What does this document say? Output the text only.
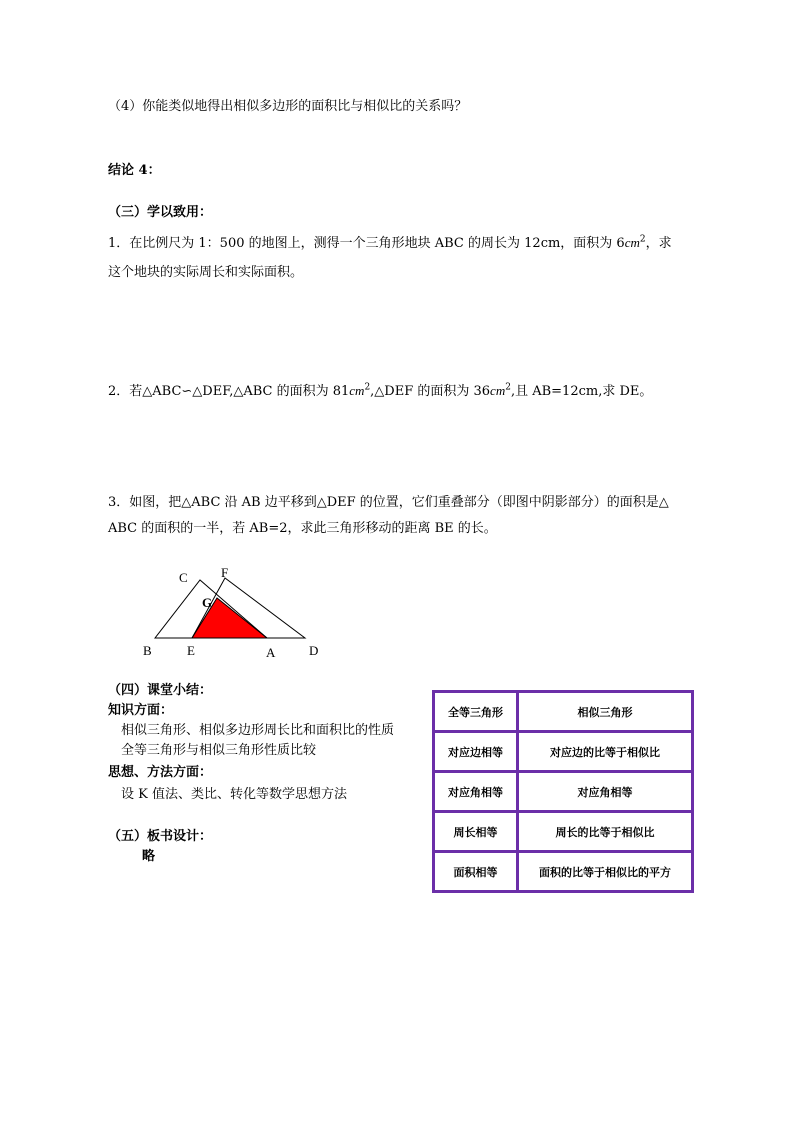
（4）你能类似地得出相似多边形的面积比与相似比的关系吗？
结论 4：
（三）学以致用：
1．在比例尺为 1：500 的地图上，测得一个三角形地块 ABC 的周长为 12cm，面积为 $6cm^2$，求
这个地块的实际周长和实际面积。
2．若△ABC∽△DEF,△ABC 的面积为 $81cm^2,\triangle DEF$ 的面积为 $36cm^2$,且 AB=12cm,求 DE。
3．如图，把△ABC 沿 AB 边平移到△DEF 的位置，它们重叠部分（即图中阴影部分）的面积是△
ABC 的面积的一半，若 AB=2，求此三角形移动的距离 BE 的长。
C	F
G
B	E	A	D
（四）课堂小结：
知识方面：
相似三角形、相似多边形周长比和面积比的性质
全等三角形与相似三角形性质比较
思想、方法方面：
设 K 值法、类比、转化等数学思想方法
（五）板书设计：
略
全等三角形	相似三角形
对应边相等	对应边的比等于相似比
对应角相等	对应角相等
周长相等	周长的比等于相似比
面积相等	面积的比等于相似比的平方
